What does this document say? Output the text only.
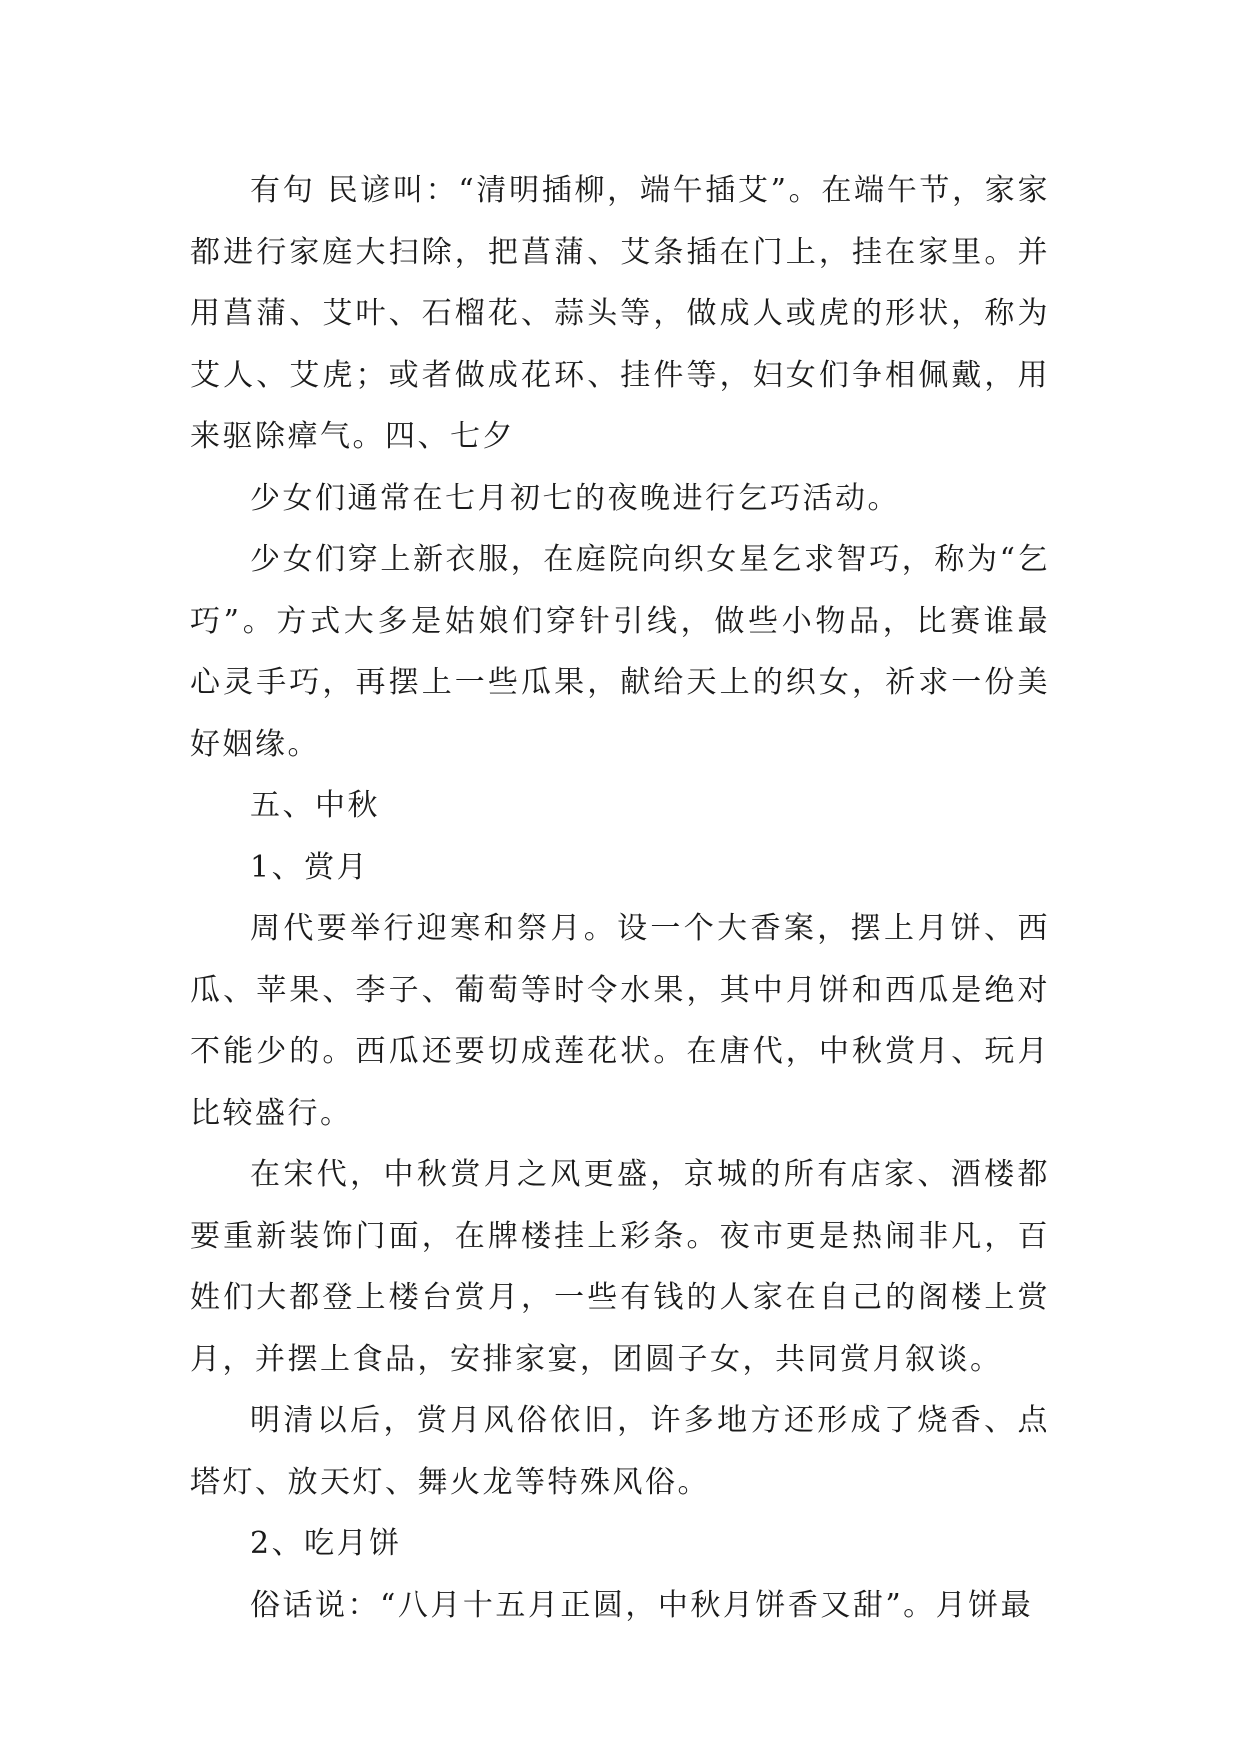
有句 民谚叫：“清明插柳，端午插艾”。在端午节，家家都进行家庭大扫除，把菖蒲、艾条插在门上，挂在家里。并用菖蒲、艾叶、石榴花、蒜头等，做成人或虎的形状，称为艾人、艾虎；或者做成花环、挂件等，妇女们争相佩戴，用来驱除瘴气。四、七夕

少女们通常在七月初七的夜晚进行乞巧活动。

少女们穿上新衣服，在庭院向织女星乞求智巧，称为“乞巧”。方式大多是姑娘们穿针引线，做些小物品，比赛谁最心灵手巧，再摆上一些瓜果，献给天上的织女，祈求一份美好姻缘。

五、中秋

1、赏月

周代要举行迎寒和祭月。设一个大香案，摆上月饼、西瓜、苹果、李子、葡萄等时令水果，其中月饼和西瓜是绝对不能少的。西瓜还要切成莲花状。在唐代，中秋赏月、玩月比较盛行。

在宋代，中秋赏月之风更盛，京城的所有店家、酒楼都要重新装饰门面，在牌楼挂上彩条。夜市更是热闹非凡，百姓们大都登上楼台赏月，一些有钱的人家在自己的阁楼上赏月，并摆上食品，安排家宴，团圆子女，共同赏月叙谈。

明清以后，赏月风俗依旧，许多地方还形成了烧香、点塔灯、放天灯、舞火龙等特殊风俗。

2、吃月饼

俗话说：“八月十五月正圆，中秋月饼香又甜”。月饼最
